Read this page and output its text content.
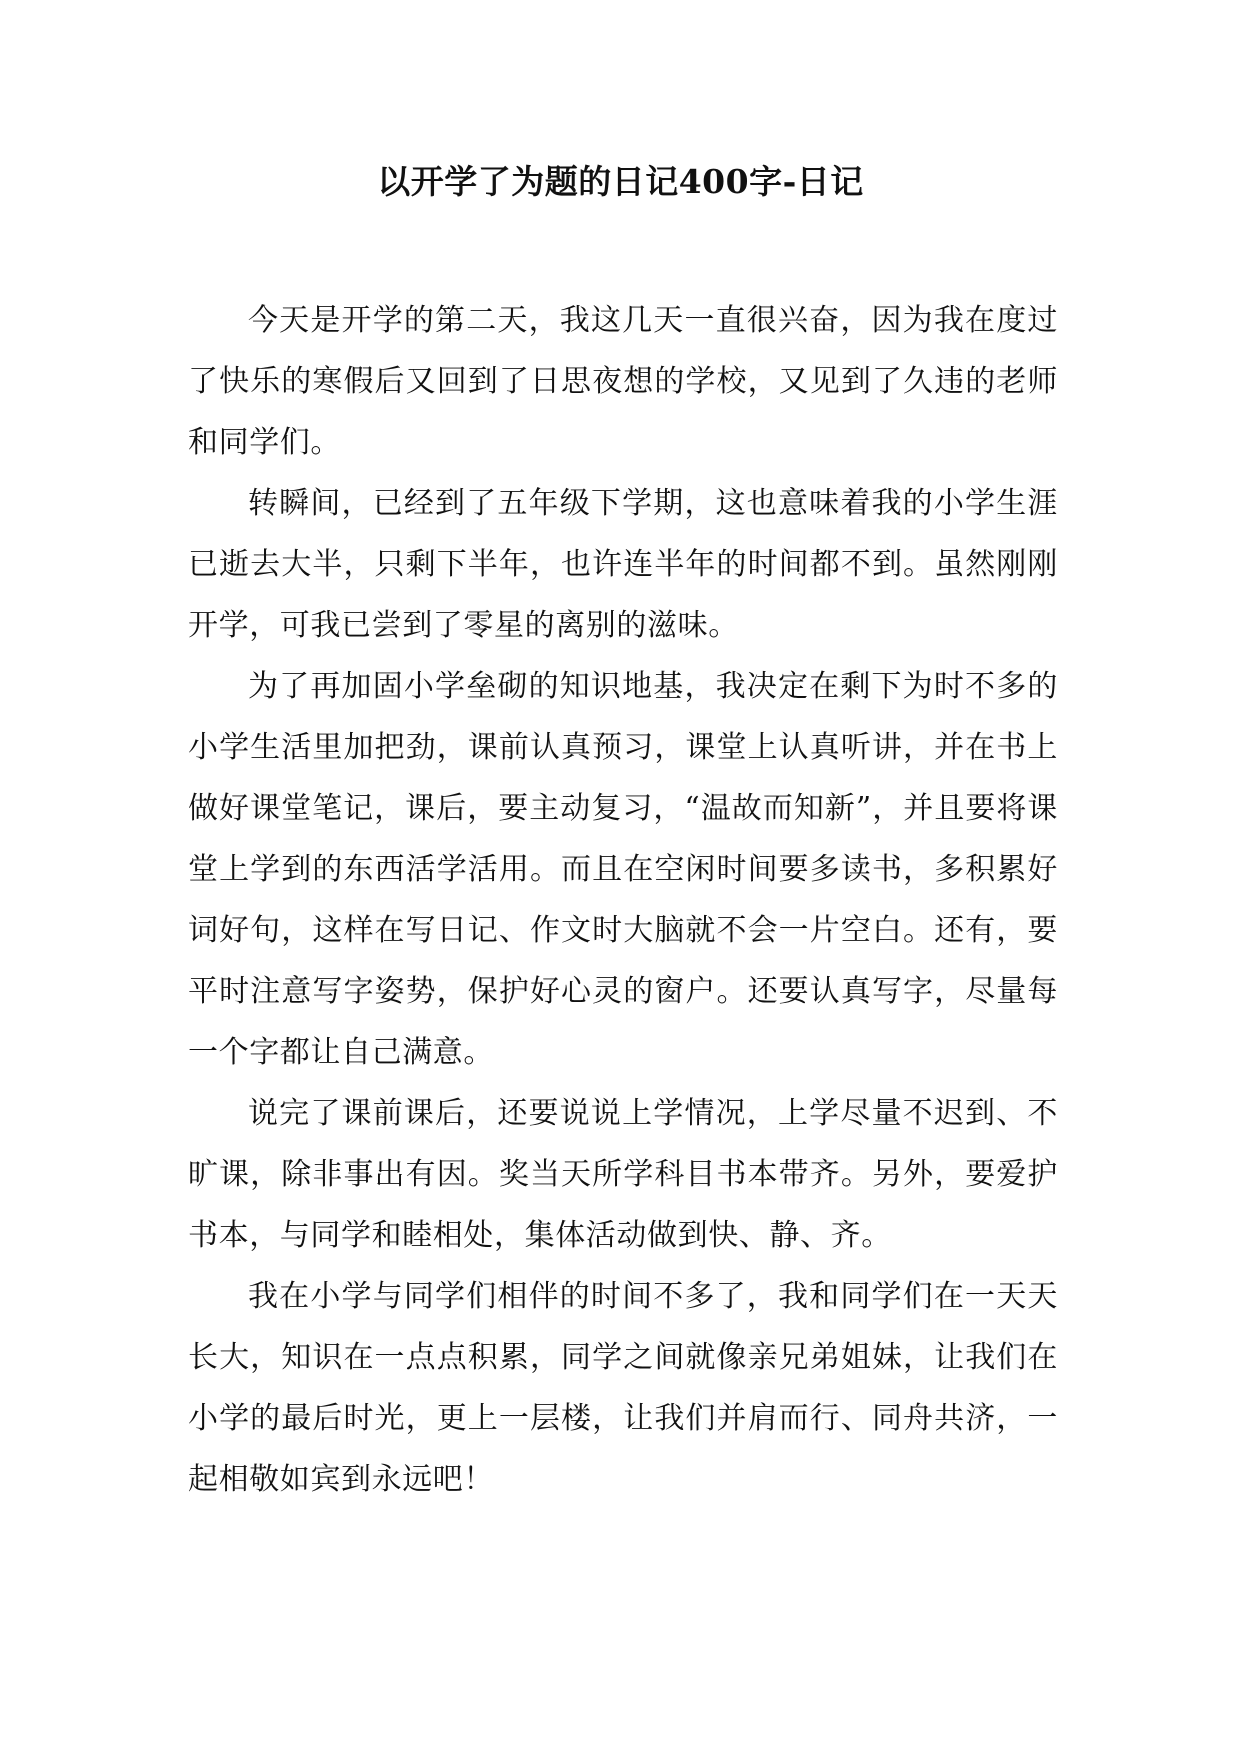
以开学了为题的日记400字-日记

今天是开学的第二天，我这几天一直很兴奋，因为我在度过了快乐的寒假后又回到了日思夜想的学校，又见到了久违的老师和同学们。

转瞬间，已经到了五年级下学期，这也意味着我的小学生涯已逝去大半，只剩下半年，也许连半年的时间都不到。虽然刚刚开学，可我已尝到了零星的离别的滋味。

为了再加固小学垒砌的知识地基，我决定在剩下为时不多的小学生活里加把劲，课前认真预习，课堂上认真听讲，并在书上做好课堂笔记，课后，要主动复习，“温故而知新”，并且要将课堂上学到的东西活学活用。而且在空闲时间要多读书，多积累好词好句，这样在写日记、作文时大脑就不会一片空白。还有，要平时注意写字姿势，保护好心灵的窗户。还要认真写字，尽量每一个字都让自己满意。

说完了课前课后，还要说说上学情况，上学尽量不迟到、不旷课，除非事出有因。奖当天所学科目书本带齐。另外，要爱护书本，与同学和睦相处，集体活动做到快、静、齐。

我在小学与同学们相伴的时间不多了，我和同学们在一天天长大，知识在一点点积累，同学之间就像亲兄弟姐妹，让我们在小学的最后时光，更上一层楼，让我们并肩而行、同舟共济，一起相敬如宾到永远吧！
